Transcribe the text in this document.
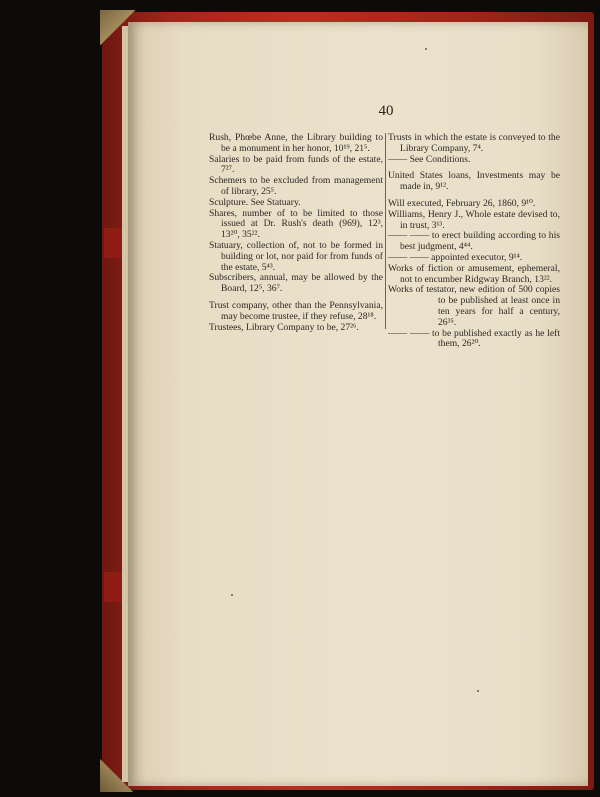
40
Rush, Phœbe Anne, the Library building to be a monument in her honor, 10¹⁹, 21⁵.
Salaries to be paid from funds of the estate, 7²⁷.
Schemers to be excluded from management of library, 25⁵.
Sculpture. See Statuary.
Shares, number of to be limited to those issued at Dr. Rush's death (969), 12³, 13²⁰, 35²².
Statuary, collection of, not to be formed in building or lot, nor paid for from funds of the estate, 5⁴³.
Subscribers, annual, may be allowed by the Board, 12⁵, 36⁷.
Trust company, other than the Pennsylvania, may become trustee, if they refuse, 28¹⁸.
Trustees, Library Company to be, 27²⁶.
Trusts in which the estate is conveyed to the Library Company, 7⁴.
—— See Conditions.
United States loans, Investments may be made in, 9¹².
Will executed, February 26, 1860, 9¹⁰.
Williams, Henry J., Whole estate devised to, in trust, 3¹³.
—— —— to erect building according to his best judgment, 4⁴⁴.
—— —— appointed executor, 9¹⁴.
Works of fiction or amusement, ephemeral, not to encumber Ridgway Branch, 13²².
Works of testator, new edition of 500 copies to be published at least once in ten years for half a century, 26³⁵.
—— —— to be published exactly as he left them, 26²⁰.
